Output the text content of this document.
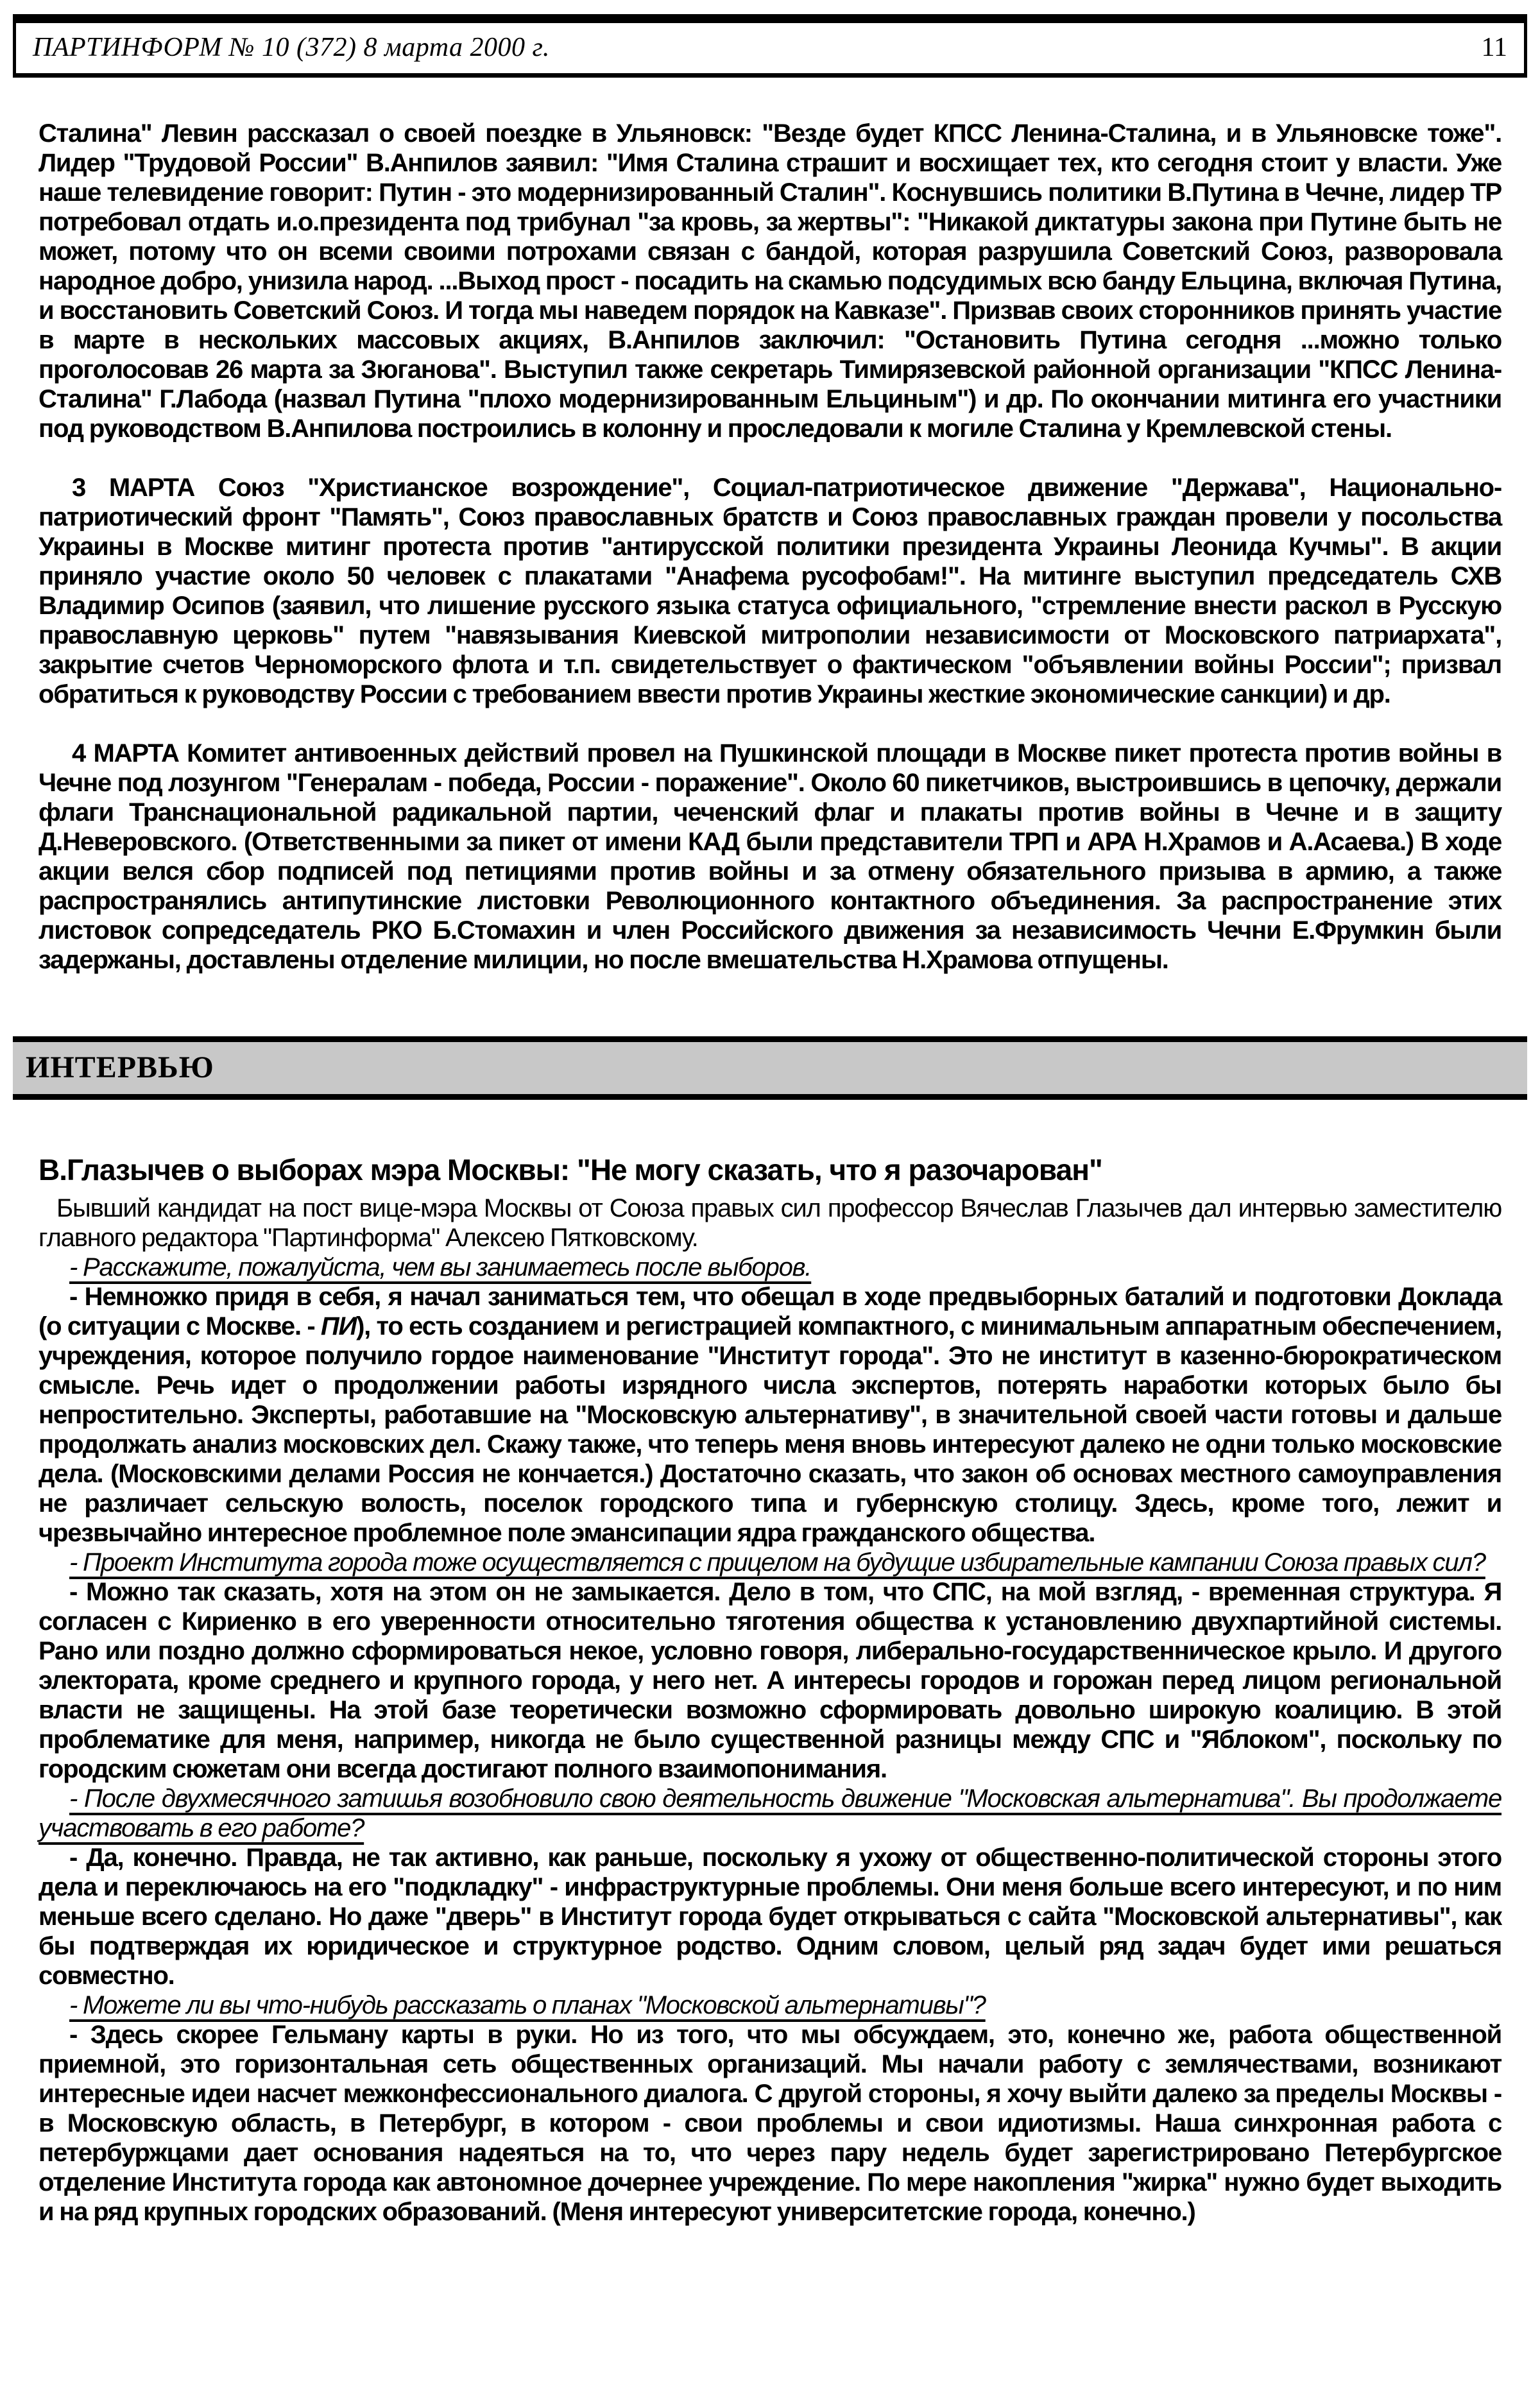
ПАРТИНФОРМ № 10 (372) 8 марта 2000 г.	11

Сталина" Левин рассказал о своей поездке в Ульяновск: "Везде будет КПСС Ленина-Сталина, и в Ульяновске тоже". Лидер "Трудовой России" В.Анпилов заявил: "Имя Сталина страшит и восхищает тех, кто сегодня стоит у власти. Уже наше телевидение говорит: Путин - это модернизированный Сталин". Коснувшись политики В.Путина в Чечне, лидер ТР потребовал отдать и.о.президента под трибунал "за кровь, за жертвы": "Никакой диктатуры закона при Путине быть не может, потому что он всеми своими потрохами связан с бандой, которая разрушила Советский Союз, разворовала народное добро, унизила народ. ...Выход прост - посадить на скамью подсудимых всю банду Ельцина, включая Путина, и восстановить Советский Союз. И тогда мы наведем порядок на Кавказе". Призвав своих сторонников принять участие в марте в нескольких массовых акциях, В.Анпилов заключил: "Остановить Путина сегодня ...можно только проголосовав 26 марта за Зюганова". Выступил также секретарь Тимирязевской районной организации "КПСС Ленина-Сталина" Г.Лабода (назвал Путина "плохо модернизированным Ельциным") и др. По окончании митинга его участники под руководством В.Анпилова построились в колонну и проследовали к могиле Сталина у Кремлевской стены.

3 МАРТА Союз "Христианское возрождение", Социал-патриотическое движение "Держава", Национально-патриотический фронт "Память", Союз православных братств и Союз православных граждан провели у посольства Украины в Москве митинг протеста против "антирусской политики президента Украины Леонида Кучмы". В акции приняло участие около 50 человек с плакатами "Анафема русофобам!". На митинге выступил председатель СХВ Владимир Осипов (заявил, что лишение русского языка статуса официального, "стремление внести раскол в Русскую православную церковь" путем "навязывания Киевской митрополии независимости от Московского патриархата", закрытие счетов Черноморского флота и т.п. свидетельствует о фактическом "объявлении войны России"; призвал обратиться к руководству России с требованием ввести против Украины жесткие экономические санкции) и др.

4 МАРТА Комитет антивоенных действий провел на Пушкинской площади в Москве пикет протеста против войны в Чечне под лозунгом "Генералам - победа, России - поражение". Около 60 пикетчиков, выстроившись в цепочку, держали флаги Транснациональной радикальной партии, чеченский флаг и плакаты против войны в Чечне и в защиту Д.Неверовского. (Ответственными за пикет от имени КАД были представители ТРП и АРА Н.Храмов и А.Асаева.) В ходе акции велся сбор подписей под петициями против войны и за отмену обязательного призыва в армию, а также распространялись антипутинские листовки Революционного контактного объединения. За распространение этих листовок сопредседатель РКО Б.Стомахин и член Российского движения за независимость Чечни Е.Фрумкин были задержаны, доставлены отделение милиции, но после вмешательства Н.Храмова отпущены.

ИНТЕРВЬЮ
В.Глазычев о выборах мэра Москвы: "Не могу сказать, что я разочарован"

Бывший кандидат на пост вице-мэра Москвы от Союза правых сил профессор Вячеслав Глазычев дал интервью заместителю главного редактора "Партинформа" Алексею Пятковскому.

- Расскажите, пожалуйста, чем вы занимаетесь после выборов.

- Немножко придя в себя, я начал заниматься тем, что обещал в ходе предвыборных баталий и подготовки Доклада (о ситуации с Москве. - ПИ), то есть созданием и регистрацией компактного, с минимальным аппаратным обеспечением, учреждения, которое получило гордое наименование "Институт города". Это не институт в казенно-бюрократическом смысле. Речь идет о продолжении работы изрядного числа экспертов, потерять наработки которых было бы непростительно. Эксперты, работавшие на "Московскую альтернативу", в значительной своей части готовы и дальше продолжать анализ московских дел. Скажу также, что теперь меня вновь интересуют далеко не одни только московские дела. (Московскими делами Россия не кончается.) Достаточно сказать, что закон об основах местного самоуправления не различает сельскую волость, поселок городского типа и губернскую столицу. Здесь, кроме того, лежит и чрезвычайно интересное проблемное поле эмансипации ядра гражданского общества.

- Проект Института города тоже осуществляется с прицелом на будущие избирательные кампании Союза правых сил?

- Можно так сказать, хотя на этом он не замыкается. Дело в том, что СПС, на мой взгляд, - временная структура. Я согласен с Кириенко в его уверенности относительно тяготения общества к установлению двухпартийной системы. Рано или поздно должно сформироваться некое, условно говоря, либерально-государственническое крыло. И другого электората, кроме среднего и крупного города, у него нет. А интересы городов и горожан перед лицом региональной власти не защищены. На этой базе теоретически возможно сформировать довольно широкую коалицию. В этой проблематике для меня, например, никогда не было существенной разницы между СПС и "Яблоком", поскольку по городским сюжетам они всегда достигают полного взаимопонимания.

- После двухмесячного затишья возобновило свою деятельность движение "Московская альтернатива". Вы продолжаете участвовать в его работе?

- Да, конечно. Правда, не так активно, как раньше, поскольку я ухожу от общественно-политической стороны этого дела и переключаюсь на его "подкладку" - инфраструктурные проблемы. Они меня больше всего интересуют, и по ним меньше всего сделано. Но даже "дверь" в Институт города будет открываться с сайта "Московской альтернативы", как бы подтверждая их юридическое и структурное родство. Одним словом, целый ряд задач будет ими решаться совместно.

- Можете ли вы что-нибудь рассказать о планах "Московской альтернативы"?

- Здесь скорее Гельману карты в руки. Но из того, что мы обсуждаем, это, конечно же, работа общественной приемной, это горизонтальная сеть общественных организаций. Мы начали работу с землячествами, возникают интересные идеи насчет межконфессионального диалога. С другой стороны, я хочу выйти далеко за пределы Москвы - в Московскую область, в Петербург, в котором - свои проблемы и свои идиотизмы. Наша синхронная работа с петербуржцами дает основания надеяться на то, что через пару недель будет зарегистрировано Петербургское отделение Института города как автономное дочернее учреждение. По мере накопления "жирка" нужно будет выходить и на ряд крупных городских образований. (Меня интересуют университетские города, конечно.)
